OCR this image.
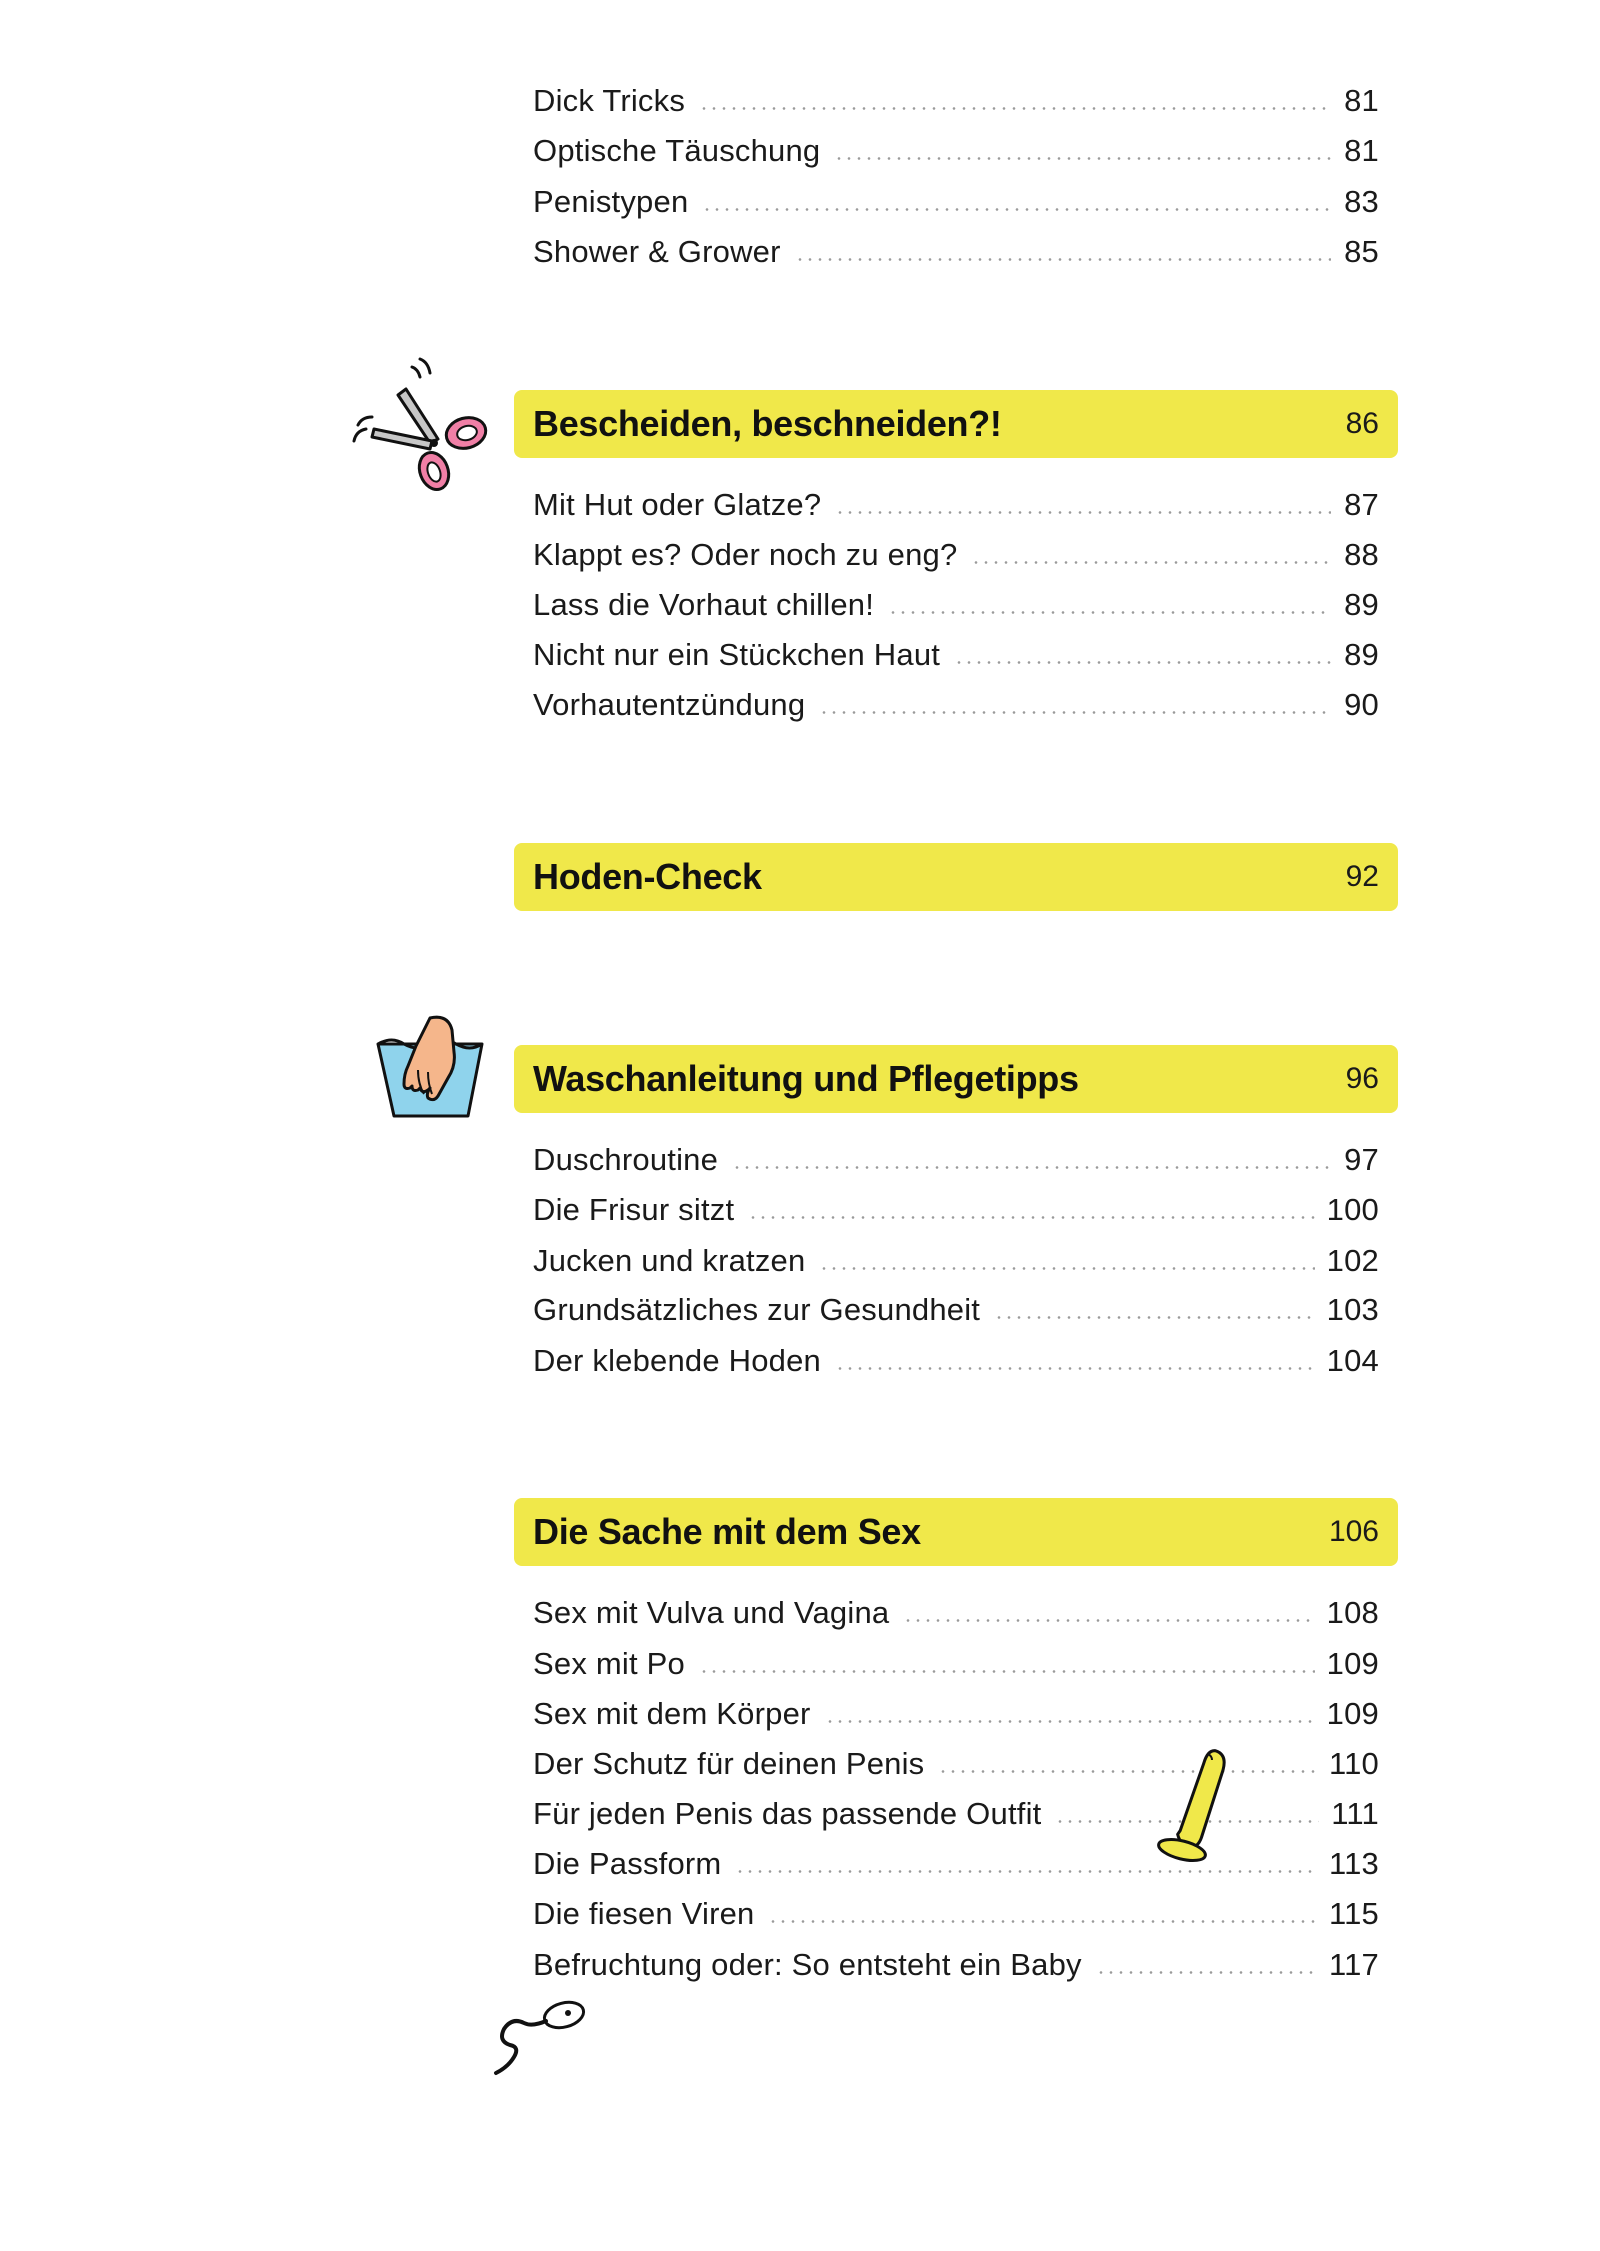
Dick Tricks	81
Optische Täuschung	81
Penistypen	83
Shower & Grower	85
Bescheiden, beschneiden?!	86
Mit Hut oder Glatze?	87
Klappt es? Oder noch zu eng?	88
Lass die Vorhaut chillen!	89
Nicht nur ein Stückchen Haut	89
Vorhautentzündung	90
Hoden-Check	92
Waschanleitung und Pflegetipps	96
Duschroutine	97
Die Frisur sitzt	100
Jucken und kratzen	102
Grundsätzliches zur Gesundheit	103
Der klebende Hoden	104
Die Sache mit dem Sex	106
Sex mit Vulva und Vagina	108
Sex mit Po	109
Sex mit dem Körper	109
Der Schutz für deinen Penis	110
Für jeden Penis das passende Outfit	111
Die Passform	113
Die fiesen Viren	115
Befruchtung oder: So entsteht ein Baby	117
